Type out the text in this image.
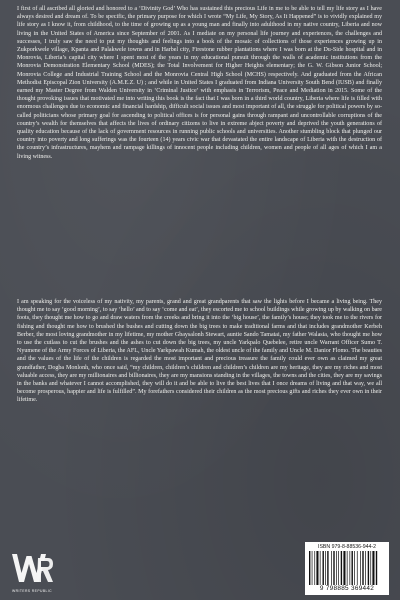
I first of all ascribed all gloried and honored to a ‘Divinity God’ Who has sustained this precious Life in me to be able to tell my life story as I have always desired and dream of. To be specific, the primary purpose for which I wrote “My Life, My Story, As It Happened” is to vividly explained my life story as I know it, from childhood, to the time of growing up as a young man and finally into adulthood in my native country, Liberia and now living in the United States of America since September of 2001. As I mediate on my personal life journey and experiences, the challenges and successes, I truly saw the need to put my thoughts and feelings into a book of the mosaic of collections of those experiences growing up in Zukporkwele village, Kpanta and Palakwele towns and in Harbel city, Firestone rubber plantations where I was born at the Du-Side hospital and in Monrovia, Liberia’s capital city where I spent most of the years in my educational pursuit through the walls of academic institutions from the Monrovia Demonstration Elementary School (MDES); the Total Involvement for Higher Heights elementary; the G. W. Gibson Junior School; Monrovia College and Industrial Training School and the Monrovia Central High School (MCHS) respectively. And graduated from the African Methodist Episcopal Zion University (A.M.E.Z. U) ; and while in United States I graduated from Indiana University South Bend (IUSB) and finally earned my Master Degree from Walden University in ‘Criminal Justice’ with emphasis in Terrorism, Peace and Mediation in 2015. Some of the thought provoking issues that motivated me into writing this book is the fact that I was born in a third world country, Liberia where life is filled with enormous challenges due to economic and financial hardship, difficult social issues and most important of all, the struggle for political powers by so-called politicians whose primary goal for ascending to political offices is for personal gains through rampant and uncontrollable corruptions of the country’s wealth for themselves that affects the lives of ordinary citizens to live in extreme abject poverty and deprived the youth generations of quality education because of the lack of government resources in running public schools and universities. Another stumbling block that plunged our country into poverty and long sufferings was the fourteen (14) years civic war that devastated the entire landscape of Liberia with the destruction of the country’s infrastructures, mayhem and rampage killings of innocent people including children, women and people of all ages of which I am a living witness.

I am speaking for the voiceless of my nativity, my parents, grand and great grandparents that saw the lights before I became a living being. They thought me to say ‘good morning’, to say ‘hello’ and to say ‘come and eat’, they escorted me to school buildings while growing up by walking on bare foots, they thought me how to go and draw waters from the creeks and bring it into the ‘big house’, the family’s house; they took me to the rivers for fishing and thought me how to brushed the bushes and cutting down the big trees to make traditional farms and that includes grandmother Kerbeh Berber, the most loving grandmother in my lifetime, my mother Gbaysalonh Stewart, auntie Sando Tamatai, my father Walasia, who thought me how to use the cutlass to cut the brushes and the ashes to cut down the big trees, my uncle Yarkpalo Quebelee, retire uncle Warrant Officer Sumo T. Nyumene of the Army Forces of Liberia, the AFL, Uncle Yarkpawah Kumah, the oldest uncle of the family and Uncle M. Danior Flomo. The beauties and the values of the life of the children is regarded the most important and precious treasure the family could ever own as claimed my great grandfather, Dogba Monlonh, who once said, “my children, children’s children and children’s children are my heritage, they are my riches and most valuable access, they are my millionaires and billionaires, they are my mansions standing in the villages, the towns and the cities, they are my savings in the banks and whatever I cannot accomplished, they will do it and be able to live the best lives that I once dreams of living and that way, we all become prosperous, happier and life is fulfilled”. My forefathers considered their children as the most precious gifts and riches they ever own in their lifetime.

WRITERS REPUBLIC
ISBN 979-8-88536-944-2
9 798885 369442
